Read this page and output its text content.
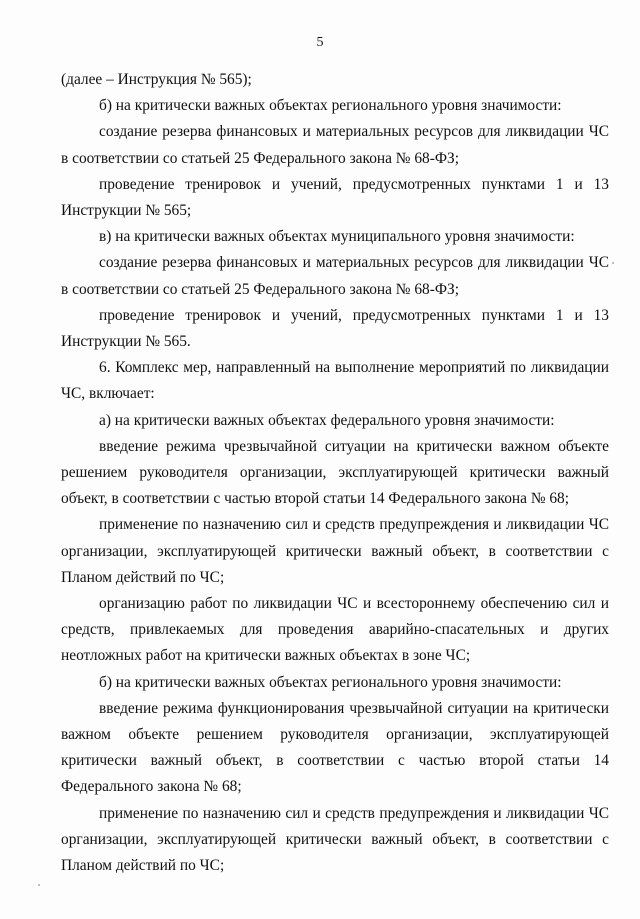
5

(далее – Инструкция № 565);

б) на критически важных объектах регионального уровня значимости:

создание резерва финансовых и материальных ресурсов для ликвидации ЧС в соответствии со статьей 25 Федерального закона № 68-ФЗ;

проведение тренировок и учений, предусмотренных пунктами 1 и 13 Инструкции № 565;

в) на критически важных объектах муниципального уровня значимости:

создание резерва финансовых и материальных ресурсов для ликвидации ЧС в соответствии со статьей 25 Федерального закона № 68-ФЗ;

проведение тренировок и учений, предусмотренных пунктами 1 и 13 Инструкции № 565.

6. Комплекс мер, направленный на выполнение мероприятий по ликвидации ЧС, включает:

а) на критически важных объектах федерального уровня значимости:

введение режима чрезвычайной ситуации на критически важном объекте решением руководителя организации, эксплуатирующей критически важный объект, в соответствии с частью второй статьи 14 Федерального закона № 68;

применение по назначению сил и средств предупреждения и ликвидации ЧС организации, эксплуатирующей критически важный объект, в соответствии с Планом действий по ЧС;

организацию работ по ликвидации ЧС и всестороннему обеспечению сил и средств, привлекаемых для проведения аварийно-спасательных и других неотложных работ на критически важных объектах в зоне ЧС;

б) на критически важных объектах регионального уровня значимости:

введение режима функционирования чрезвычайной ситуации на критически важном объекте решением руководителя организации, эксплуатирующей критически важный объект, в соответствии с частью второй статьи 14 Федерального закона № 68;

применение по назначению сил и средств предупреждения и ликвидации ЧС организации, эксплуатирующей критически важный объект, в соответствии с Планом действий по ЧС;
